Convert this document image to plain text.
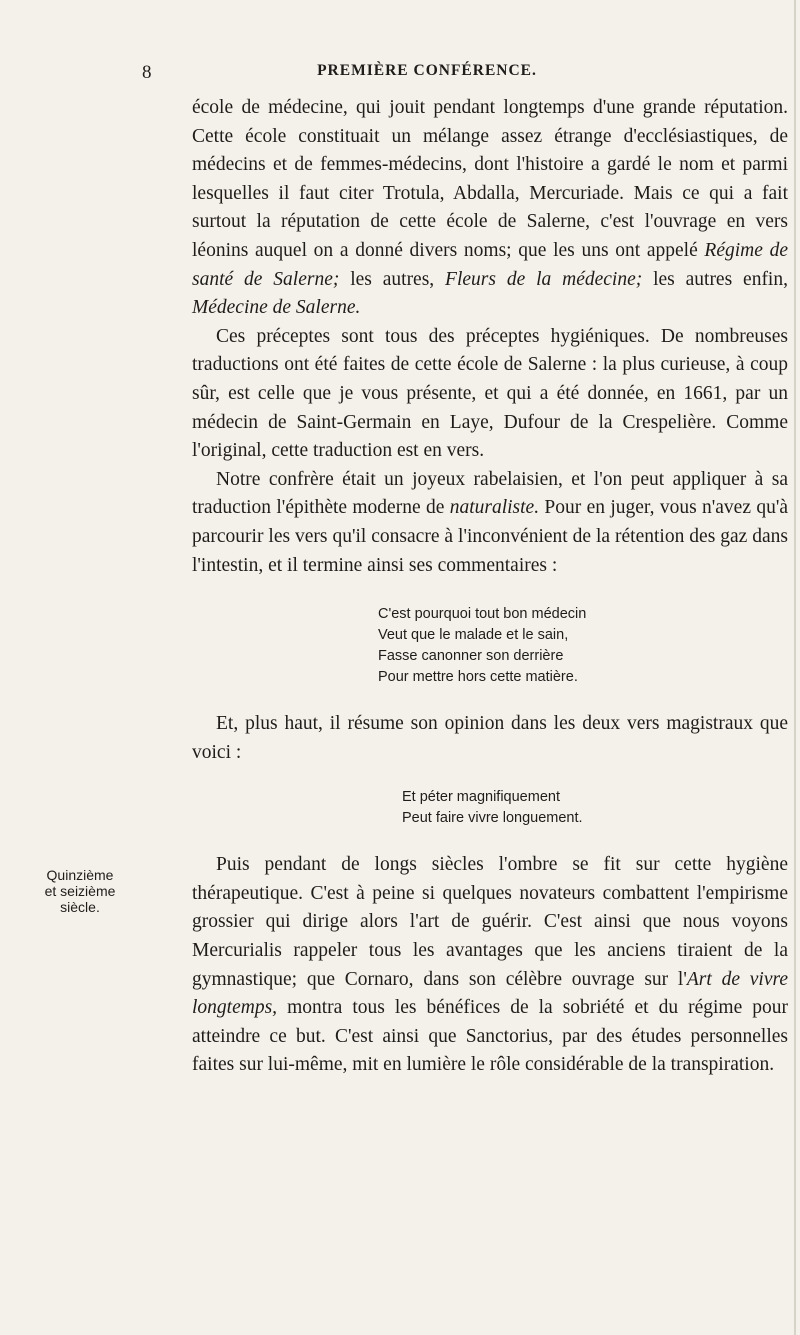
8	PREMIÈRE CONFÉRENCE.
Quinzième
et seizième
siècle.

école de médecine, qui jouit pendant longtemps d'une grande réputation. Cette école constituait un mélange assez étrange d'ecclésiastiques, de médecins et de femmes-médecins, dont l'histoire a gardé le nom et parmi lesquelles il faut citer Trotula, Abdalla, Mercuriade. Mais ce qui a fait surtout la réputation de cette école de Salerne, c'est l'ouvrage en vers léonins auquel on a donné divers noms; que les uns ont appelé Régime de santé de Salerne; les autres, Fleurs de la médecine; les autres enfin, Médecine de Salerne.

Ces préceptes sont tous des préceptes hygiéniques. De nombreuses traductions ont été faites de cette école de Salerne : la plus curieuse, à coup sûr, est celle que je vous présente, et qui a été donnée, en 1661, par un médecin de Saint-Germain en Laye, Dufour de la Crespelière. Comme l'original, cette traduction est en vers.

Notre confrère était un joyeux rabelaisien, et l'on peut appliquer à sa traduction l'épithète moderne de naturaliste. Pour en juger, vous n'avez qu'à parcourir les vers qu'il consacre à l'inconvénient de la rétention des gaz dans l'intestin, et il termine ainsi ses commentaires :

C'est pourquoi tout bon médecin
Veut que le malade et le sain,
Fasse canonner son derrière
Pour mettre hors cette matière.

Et, plus haut, il résume son opinion dans les deux vers magistraux que voici :

Et péter magnifiquement
Peut faire vivre longuement.

Puis pendant de longs siècles l'ombre se fit sur cette hygiène thérapeutique. C'est à peine si quelques novateurs combattent l'empirisme grossier qui dirige alors l'art de guérir. C'est ainsi que nous voyons Mercurialis rappeler tous les avantages que les anciens tiraient de la gymnastique; que Cornaro, dans son célèbre ouvrage sur l'Art de vivre longtemps, montra tous les bénéfices de la sobriété et du régime pour atteindre ce but. C'est ainsi que Sanctorius, par des études personnelles faites sur lui-même, mit en lumière le rôle considérable de la transpiration.
